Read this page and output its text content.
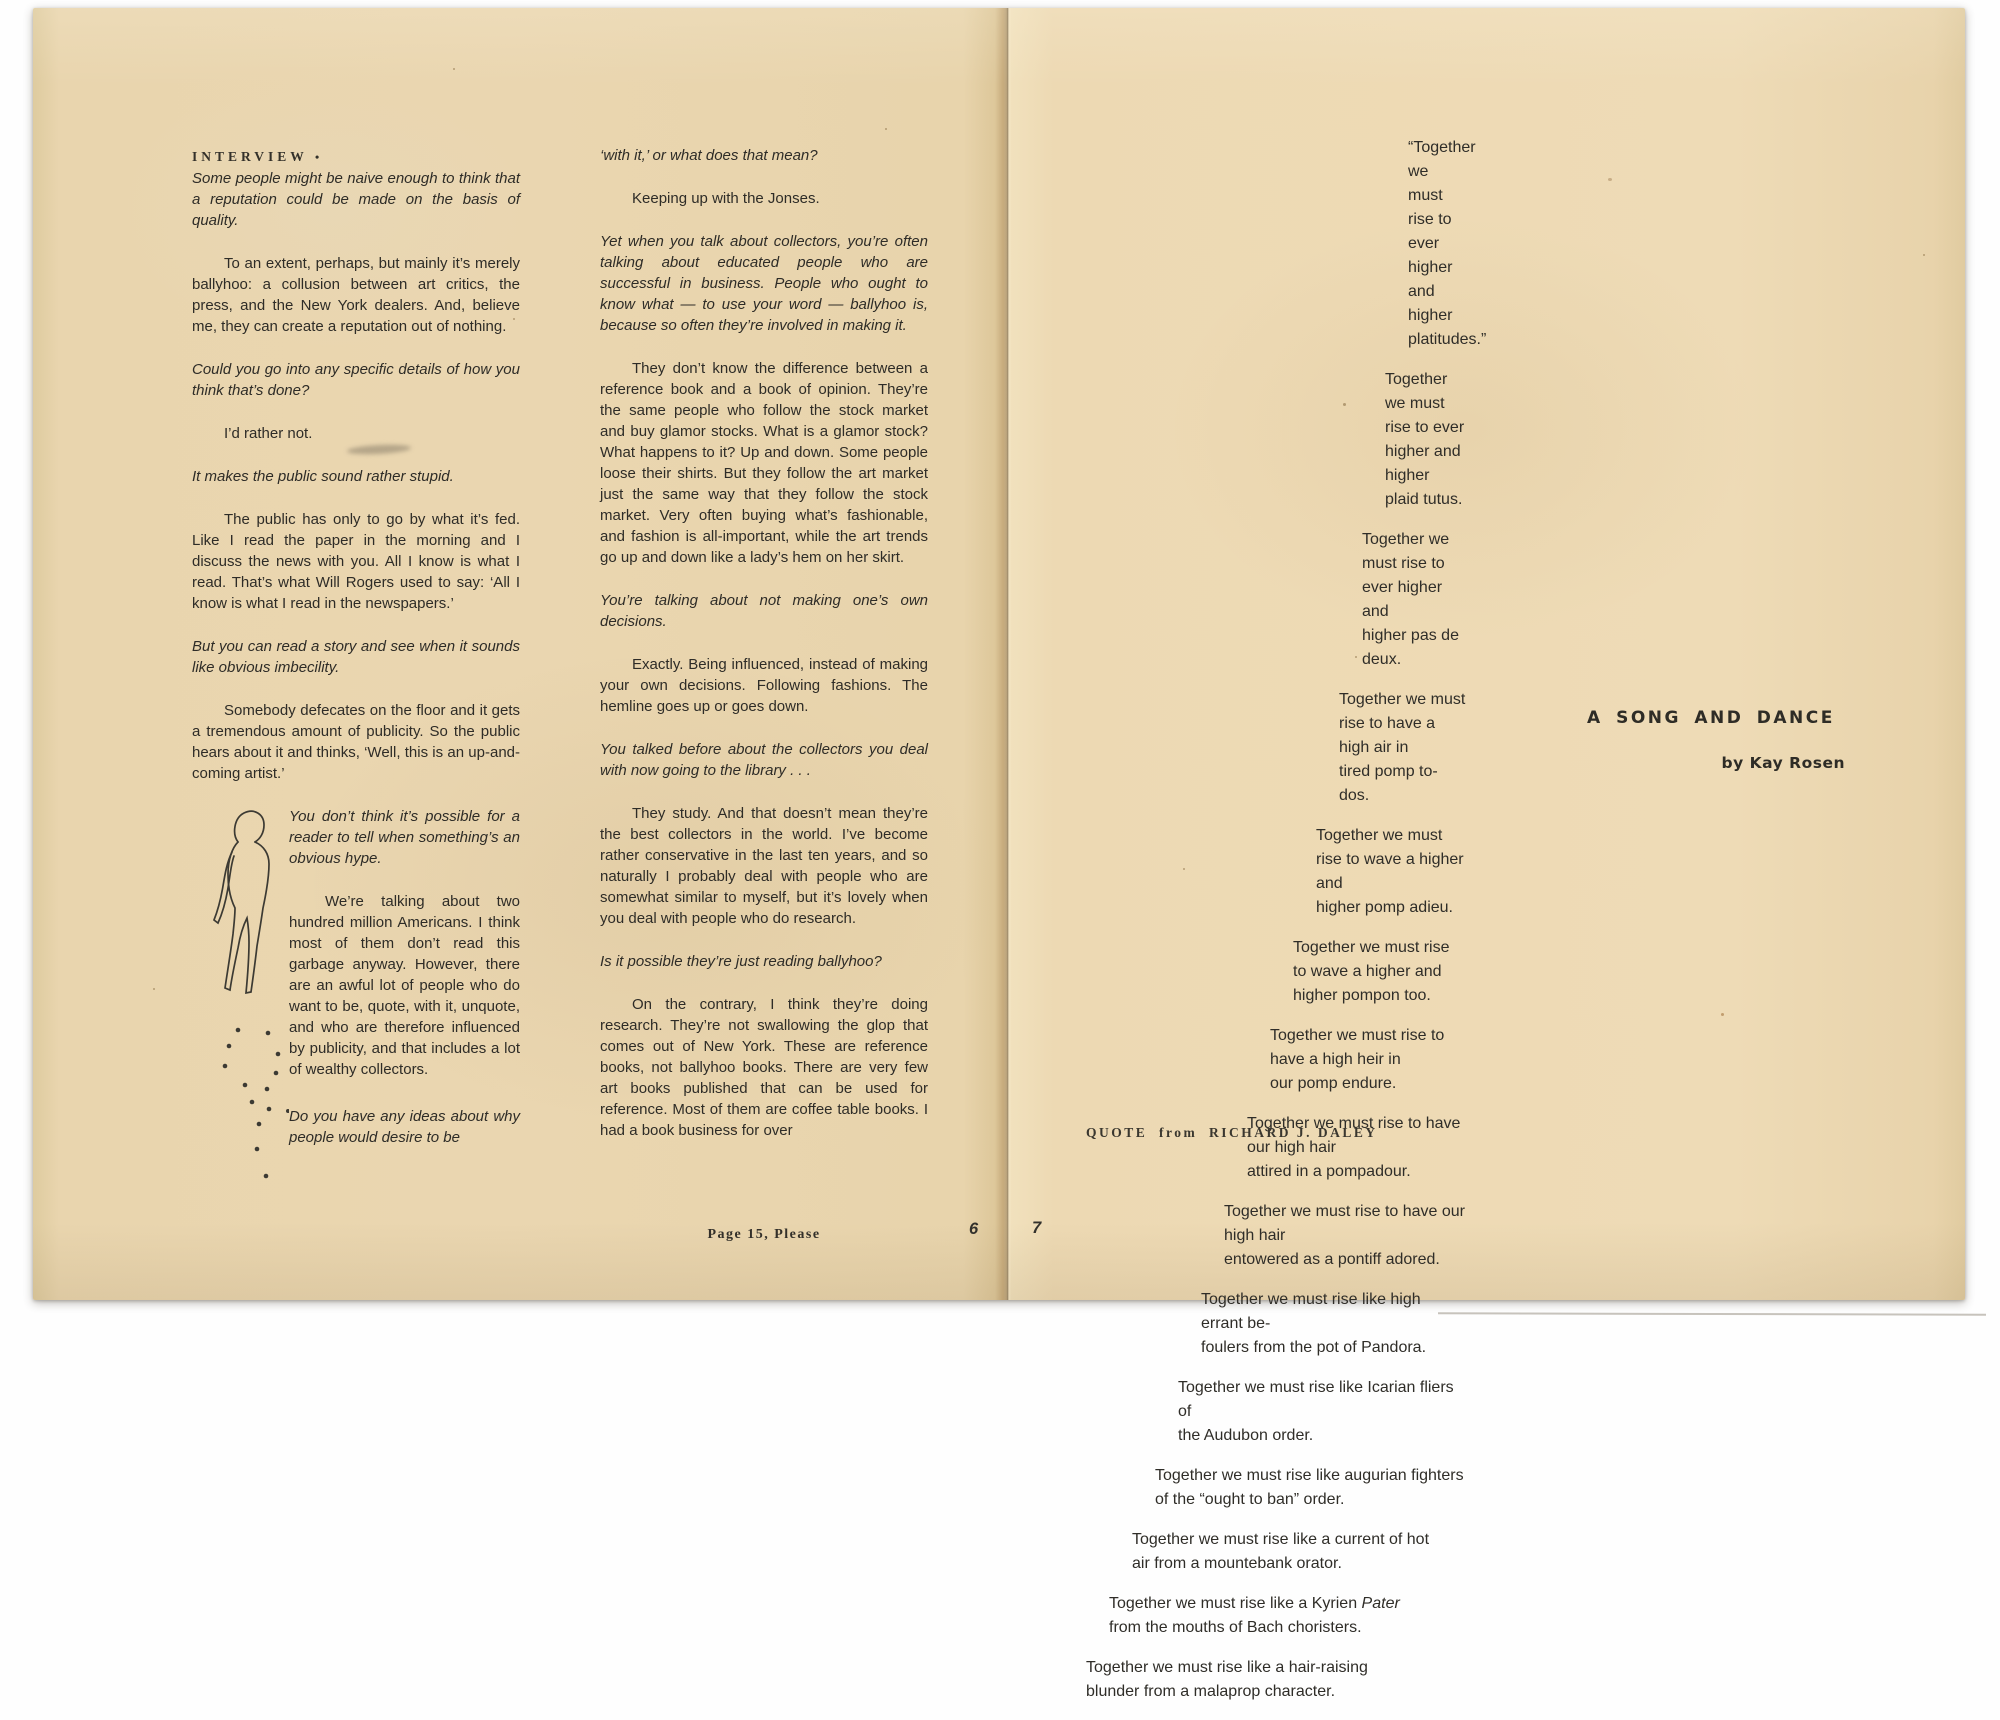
INTERVIEW •

Some people might be naive enough to think that a reputation could be made on the basis of quality.

To an extent, perhaps, but mainly it’s merely ballyhoo: a collusion between art critics, the press, and the New York dealers. And, believe me, they can create a reputation out of nothing.

Could you go into any specific details of how you think that’s done?

I’d rather not.

It makes the public sound rather stupid.

The public has only to go by what it’s fed. Like I read the paper in the morning and I discuss the news with you. All I know is what I read. That’s what Will Rogers used to say: ‘All I know is what I read in the newspapers.’

But you can read a story and see when it sounds like obvious imbecility.

Somebody defecates on the floor and it gets a tremendous amount of publicity. So the public hears about it and thinks, ‘Well, this is an up-and-coming artist.’

You don’t think it’s possible for a reader to tell when something’s an obvious hype.

We’re talking about two hundred million Americans. I think most of them don’t read this garbage anyway. However, there are an awful lot of people who do want to be, quote, with it, unquote, and who are therefore influenced by publicity, and that includes a lot of wealthy collectors.

Do you have any ideas about why people would desire to be

‘with it,’ or what does that mean?

Keeping up with the Jonses.

Yet when you talk about collectors, you’re often talking about educated people who are successful in business. People who ought to know what — to use your word — ballyhoo is, because so often they’re involved in making it.

They don’t know the difference between a reference book and a book of opinion. They’re the same people who follow the stock market and buy glamor stocks. What is a glamor stock? What happens to it? Up and down. Some people loose their shirts. But they follow the art market just the same way that they follow the stock market. Very often buying what’s fashionable, and fashion is all-important, while the art trends go up and down like a lady’s hem on her skirt.

You’re talking about not making one’s own decisions.

Exactly. Being influenced, instead of making your own decisions. Following fashions. The hemline goes up or goes down.

You talked before about the collectors you deal with now going to the library . . .

They study. And that doesn’t mean they’re the best collectors in the world. I’ve become rather conservative in the last ten years, and so naturally I probably deal with people who are somewhat similar to myself, but it’s lovely when you deal with people who do research.

Is it possible they’re just reading ballyhoo?

On the contrary, I think they’re doing research. They’re not swallowing the glop that comes out of New York. These are reference books, not ballyhoo books. There are very few art books published that can be used for reference. Most of them are coffee table books. I had a book business for over

Page 15, Please	6
“Together we must rise to ever higher and
higher platitudes.”
Together we must rise to ever higher and
higher plaid tutus.
Together we must rise to ever higher and
higher pas de deux.
Together we must rise to have a high air in
tired pomp to-dos.
Together we must rise to wave a higher and
higher pomp adieu.
Together we must rise to wave a higher and
higher pompon too.
Together we must rise to have a high heir in
our pomp endure.
Together we must rise to have our high hair
attired in a pompadour.
Together we must rise to have our high hair
entowered as a pontiff adored.
Together we must rise like high errant be-
foulers from the pot of Pandora.
Together we must rise like Icarian fliers of
the Audubon order.
Together we must rise like augurian fighters
of the “ought to ban” order.
Together we must rise like a current of hot
air from a mountebank orator.
Together we must rise like a Kyrien Pater
from the mouths of Bach choristers.
Together we must rise like a hair-raising
blunder from a malaprop character.
A SONG AND DANCE
by Kay Rosen
QUOTE  from  RICHARD J. DALEY
7
